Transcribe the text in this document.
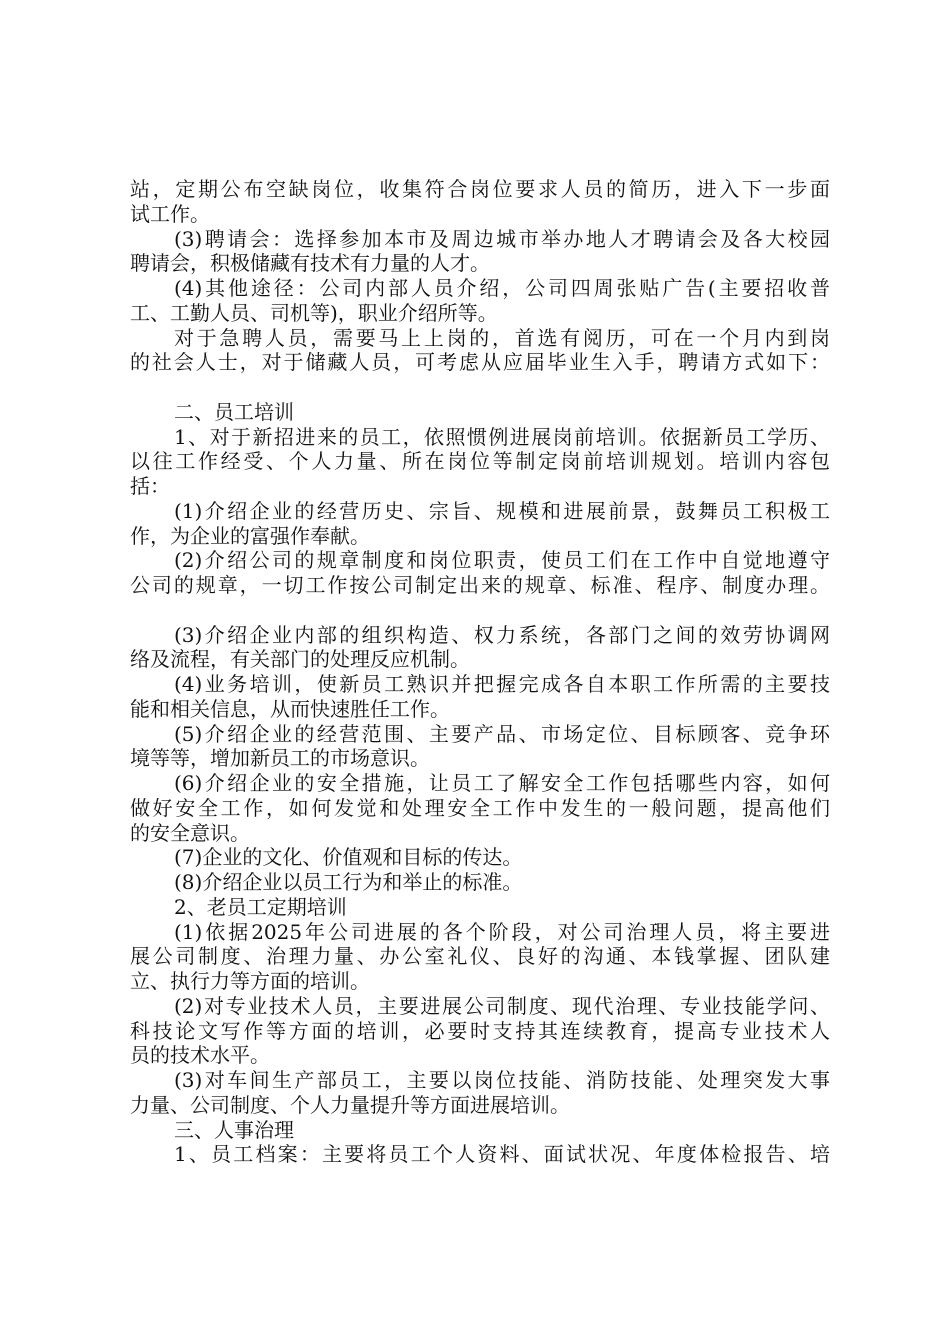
站，定期公布空缺岗位，收集符合岗位要求人员的简历，进入下一步面
试工作。
(3)聘请会：选择参加本市及周边城市举办地人才聘请会及各大校园
聘请会，积极储藏有技术有力量的人才。
(4)其他途径：公司内部人员介绍，公司四周张贴广告(主要招收普
工、工勤人员、司机等)，职业介绍所等。
对于急聘人员，需要马上上岗的，首选有阅历，可在一个月内到岗
的社会人士，对于储藏人员，可考虑从应届毕业生入手，聘请方式如下：
二、员工培训
1、对于新招进来的员工，依照惯例进展岗前培训。依据新员工学历、
以往工作经受、个人力量、所在岗位等制定岗前培训规划。培训内容包
括：
(1)介绍企业的经营历史、宗旨、规模和进展前景，鼓舞员工积极工
作，为企业的富强作奉献。
(2)介绍公司的规章制度和岗位职责，使员工们在工作中自觉地遵守
公司的规章，一切工作按公司制定出来的规章、标准、程序、制度办理。
(3)介绍企业内部的组织构造、权力系统，各部门之间的效劳协调网
络及流程，有关部门的处理反应机制。
(4)业务培训，使新员工熟识并把握完成各自本职工作所需的主要技
能和相关信息，从而快速胜任工作。
(5)介绍企业的经营范围、主要产品、市场定位、目标顾客、竞争环
境等等，增加新员工的市场意识。
(6)介绍企业的安全措施，让员工了解安全工作包括哪些内容，如何
做好安全工作，如何发觉和处理安全工作中发生的一般问题，提高他们
的安全意识。
(7)企业的文化、价值观和目标的传达。
(8)介绍企业以员工行为和举止的标准。
2、老员工定期培训
(1)依据2025年公司进展的各个阶段，对公司治理人员，将主要进
展公司制度、治理力量、办公室礼仪、良好的沟通、本钱掌握、团队建
立、执行力等方面的培训。
(2)对专业技术人员，主要进展公司制度、现代治理、专业技能学问、
科技论文写作等方面的培训，必要时支持其连续教育，提高专业技术人
员的技术水平。
(3)对车间生产部员工，主要以岗位技能、消防技能、处理突发大事
力量、公司制度、个人力量提升等方面进展培训。
三、人事治理
1、员工档案：主要将员工个人资料、面试状况、年度体检报告、培
